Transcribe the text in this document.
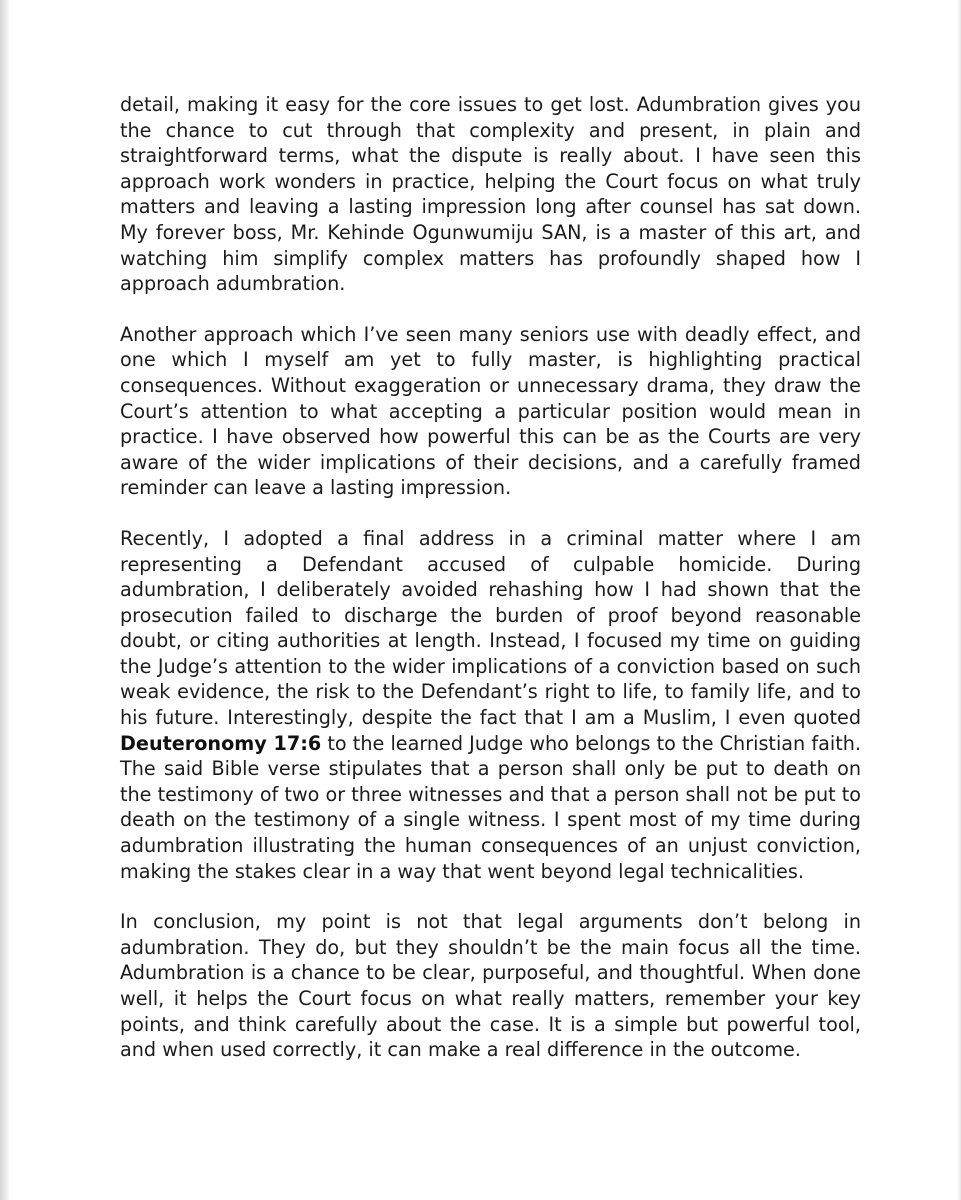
detail, making it easy for the core issues to get lost. Adumbration gives you the chance to cut through that complexity and present, in plain and straightforward terms, what the dispute is really about. I have seen this approach work wonders in practice, helping the Court focus on what truly matters and leaving a lasting impression long after counsel has sat down. My forever boss, Mr. Kehinde Ogunwumiju SAN, is a master of this art, and watching him simplify complex matters has profoundly shaped how I approach adumbration.

Another approach which I’ve seen many seniors use with deadly effect, and one which I myself am yet to fully master, is highlighting practical consequences. Without exaggeration or unnecessary drama, they draw the Court’s attention to what accepting a particular position would mean in practice. I have observed how powerful this can be as the Courts are very aware of the wider implications of their decisions, and a carefully framed reminder can leave a lasting impression.

Recently, I adopted a final address in a criminal matter where I am representing a Defendant accused of culpable homicide. During adumbration, I deliberately avoided rehashing how I had shown that the prosecution failed to discharge the burden of proof beyond reasonable doubt, or citing authorities at length. Instead, I focused my time on guiding the Judge’s attention to the wider implications of a conviction based on such weak evidence, the risk to the Defendant’s right to life, to family life, and to his future. Interestingly, despite the fact that I am a Muslim, I even quoted Deuteronomy 17:6 to the learned Judge who belongs to the Christian faith. The said Bible verse stipulates that a person shall only be put to death on the testimony of two or three witnesses and that a person shall not be put to death on the testimony of a single witness. I spent most of my time during adumbration illustrating the human consequences of an unjust conviction, making the stakes clear in a way that went beyond legal technicalities.

In conclusion, my point is not that legal arguments don’t belong in adumbration. They do, but they shouldn’t be the main focus all the time. Adumbration is a chance to be clear, purposeful, and thoughtful. When done well, it helps the Court focus on what really matters, remember your key points, and think carefully about the case. It is a simple but powerful tool, and when used correctly, it can make a real difference in the outcome.
